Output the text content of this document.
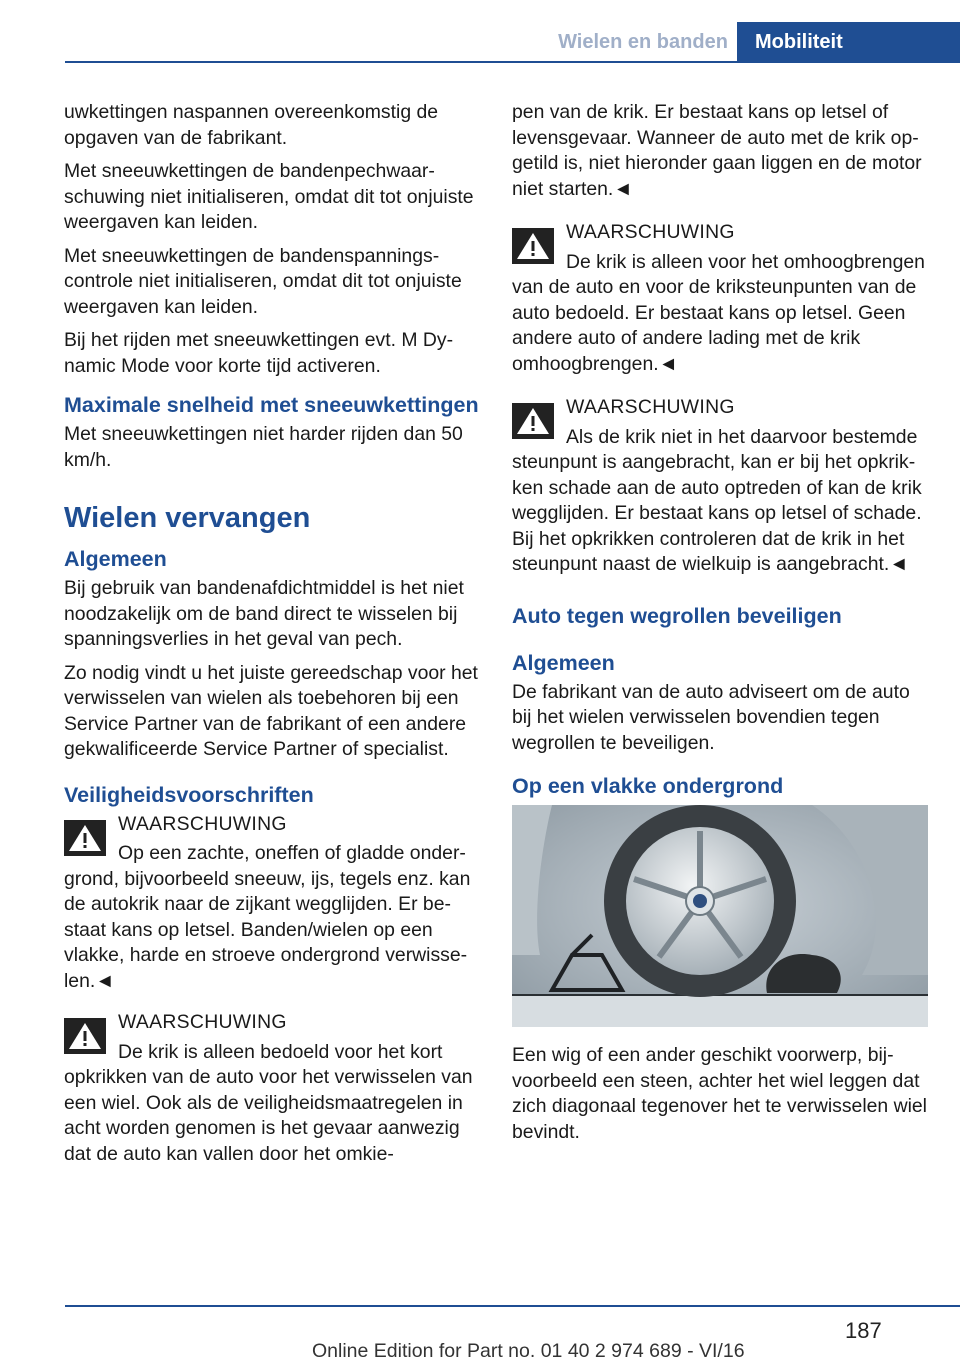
Wielen en banden	Mobiliteit

uwkettingen naspannen overeenkomstig de opgaven van de fabrikant.

Met sneeuwkettingen de bandenpechwaarschuwing niet initialiseren, omdat dit tot onjuiste weergaven kan leiden.

Met sneeuwkettingen de bandenspanningscontrole niet initialiseren, omdat dit tot onjuiste weergaven kan leiden.

Bij het rijden met sneeuwkettingen evt. M Dynamic Mode voor korte tijd activeren.

Maximale snelheid met sneeuwkettingen

Met sneeuwkettingen niet harder rijden dan 50 km/h.

Wielen vervangen
Algemeen

Bij gebruik van bandenafdichtmiddel is het niet noodzakelijk om de band direct te wisselen bij spanningsverlies in het geval van pech.

Zo nodig vindt u het juiste gereedschap voor het verwisselen van wielen als toebehoren bij een Service Partner van de fabrikant of een andere gekwalificeerde Service Partner of specialist.

Veiligheidsvoorschriften
WAARSCHUWING
Op een zachte, oneffen of gladde ondergrond, bijvoorbeeld sneeuw, ijs, tegels enz. kan de autokrik naar de zijkant wegglijden. Er bestaat kans op letsel. Banden/wielen op een vlakke, harde en stroeve ondergrond verwisselen.◄
WAARSCHUWING
De krik is alleen bedoeld voor het kort opkrikken van de auto voor het verwisselen van een wiel. Ook als de veiligheidsmaatregelen in acht worden genomen is het gevaar aanwezig dat de auto kan vallen door het omkie-

pen van de krik. Er bestaat kans op letsel of levensgevaar. Wanneer de auto met de krik opgetild is, niet hieronder gaan liggen en de motor niet starten.◄

WAARSCHUWING
De krik is alleen voor het omhoogbrengen van de auto en voor de kriksteunpunten van de auto bedoeld. Er bestaat kans op letsel. Geen andere auto of andere lading met de krik omhoogbrengen.◄
WAARSCHUWING
Als de krik niet in het daarvoor bestemde steunpunt is aangebracht, kan er bij het opkrikken schade aan de auto optreden of kan de krik wegglijden. Er bestaat kans op letsel of schade. Bij het opkrikken controleren dat de krik in het steunpunt naast de wielkuip is aangebracht.◄
Auto tegen wegrollen beveiligen
Algemeen

De fabrikant van de auto adviseert om de auto bij het wielen verwisselen bovendien tegen wegrollen te beveiligen.

Op een vlakke ondergrond

Een wig of een ander geschikt voorwerp, bijvoorbeeld een steen, achter het wiel leggen dat zich diagonaal tegenover het te verwisselen wiel bevindt.

187
Online Edition for Part no. 01 40 2 974 689 - VI/16
